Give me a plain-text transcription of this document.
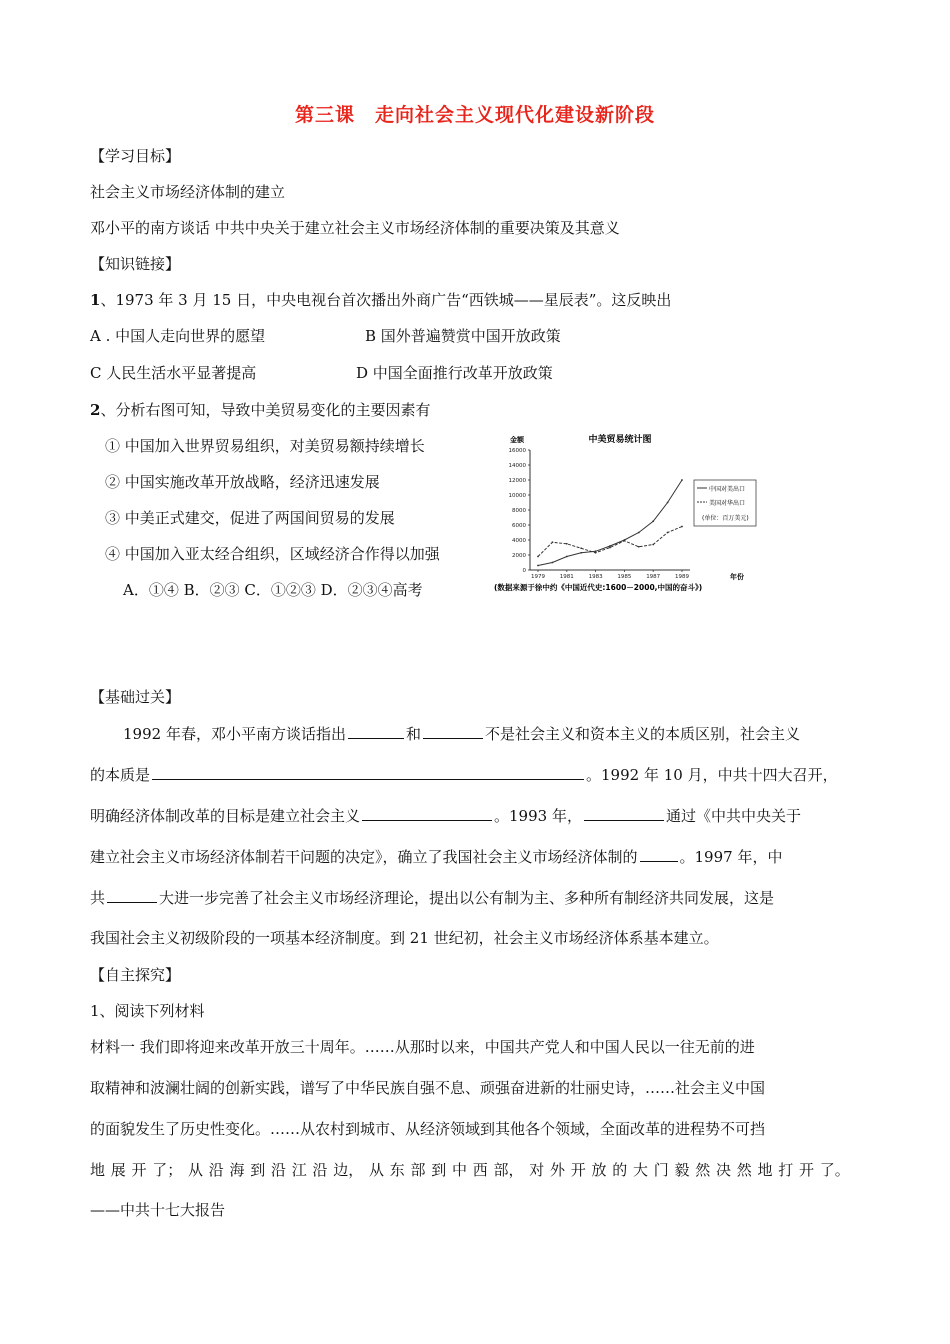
第三课　走向社会主义现代化建设新阶段
【学习目标】
社会主义市场经济体制的建立
邓小平的南方谈话 中共中央关于建立社会主义市场经济体制的重要决策及其意义
【知识链接】
1、1973 年 3 月 15 日，中央电视台首次播出外商广告“西铁城——星辰表”。这反映出
A . 中国人走向世界的愿望	B 国外普遍赞赏中国开放政策
C 人民生活水平显著提高	D 中国全面推行改革开放政策
2、分析右图可知，导致中美贸易变化的主要因素有
① 中国加入世界贸易组织，对美贸易额持续增长
② 中国实施改革开放战略，经济迅速发展
③ 中美正式建交，促进了两国间贸易的发展
④ 中国加入亚太经合组织，区域经济合作得以加强
A．①④ B．②③ C．①②③ D．②③④高考
中美贸易统计图
金额
年份
0
2000
4000
6000
8000
10000
12000
14000
16000
1979	1981	1983	1985	1987	1989
中国对美出口
美国对华出口
(单位：百万美元)
(数据来源于徐中约《中国近代史:1600－2000,中国的奋斗》)
【基础过关】
1992 年春，邓小平南方谈话指出	和	不是社会主义和资本主义的本质区别，社会主义
的本质是	。1992 年 10 月，中共十四大召开，
明确经济体制改革的目标是建立社会主义	。1993 年，	通过《中共中央关于
建立社会主义市场经济体制若干问题的决定》，确立了我国社会主义市场经济体制的	。1997 年，中
共	大进一步完善了社会主义市场经济理论，提出以公有制为主、多种所有制经济共同发展，这是
我国社会主义初级阶段的一项基本经济制度。到 21 世纪初，社会主义市场经济体系基本建立。
【自主探究】
1、阅读下列材料
材料一 我们即将迎来改革开放三十周年。……从那时以来，中国共产党人和中国人民以一往无前的进
取精神和波澜壮阔的创新实践，谱写了中华民族自强不息、顽强奋进新的壮丽史诗，……社会主义中国
的面貌发生了历史性变化。……从农村到城市、从经济领域到其他各个领域，全面改革的进程势不可挡
地 展 开 了； 从 沿 海 到 沿 江 沿 边， 从 东 部 到 中 西 部， 对 外 开 放 的 大 门 毅 然 决 然 地 打 开 了。
——中共十七大报告
